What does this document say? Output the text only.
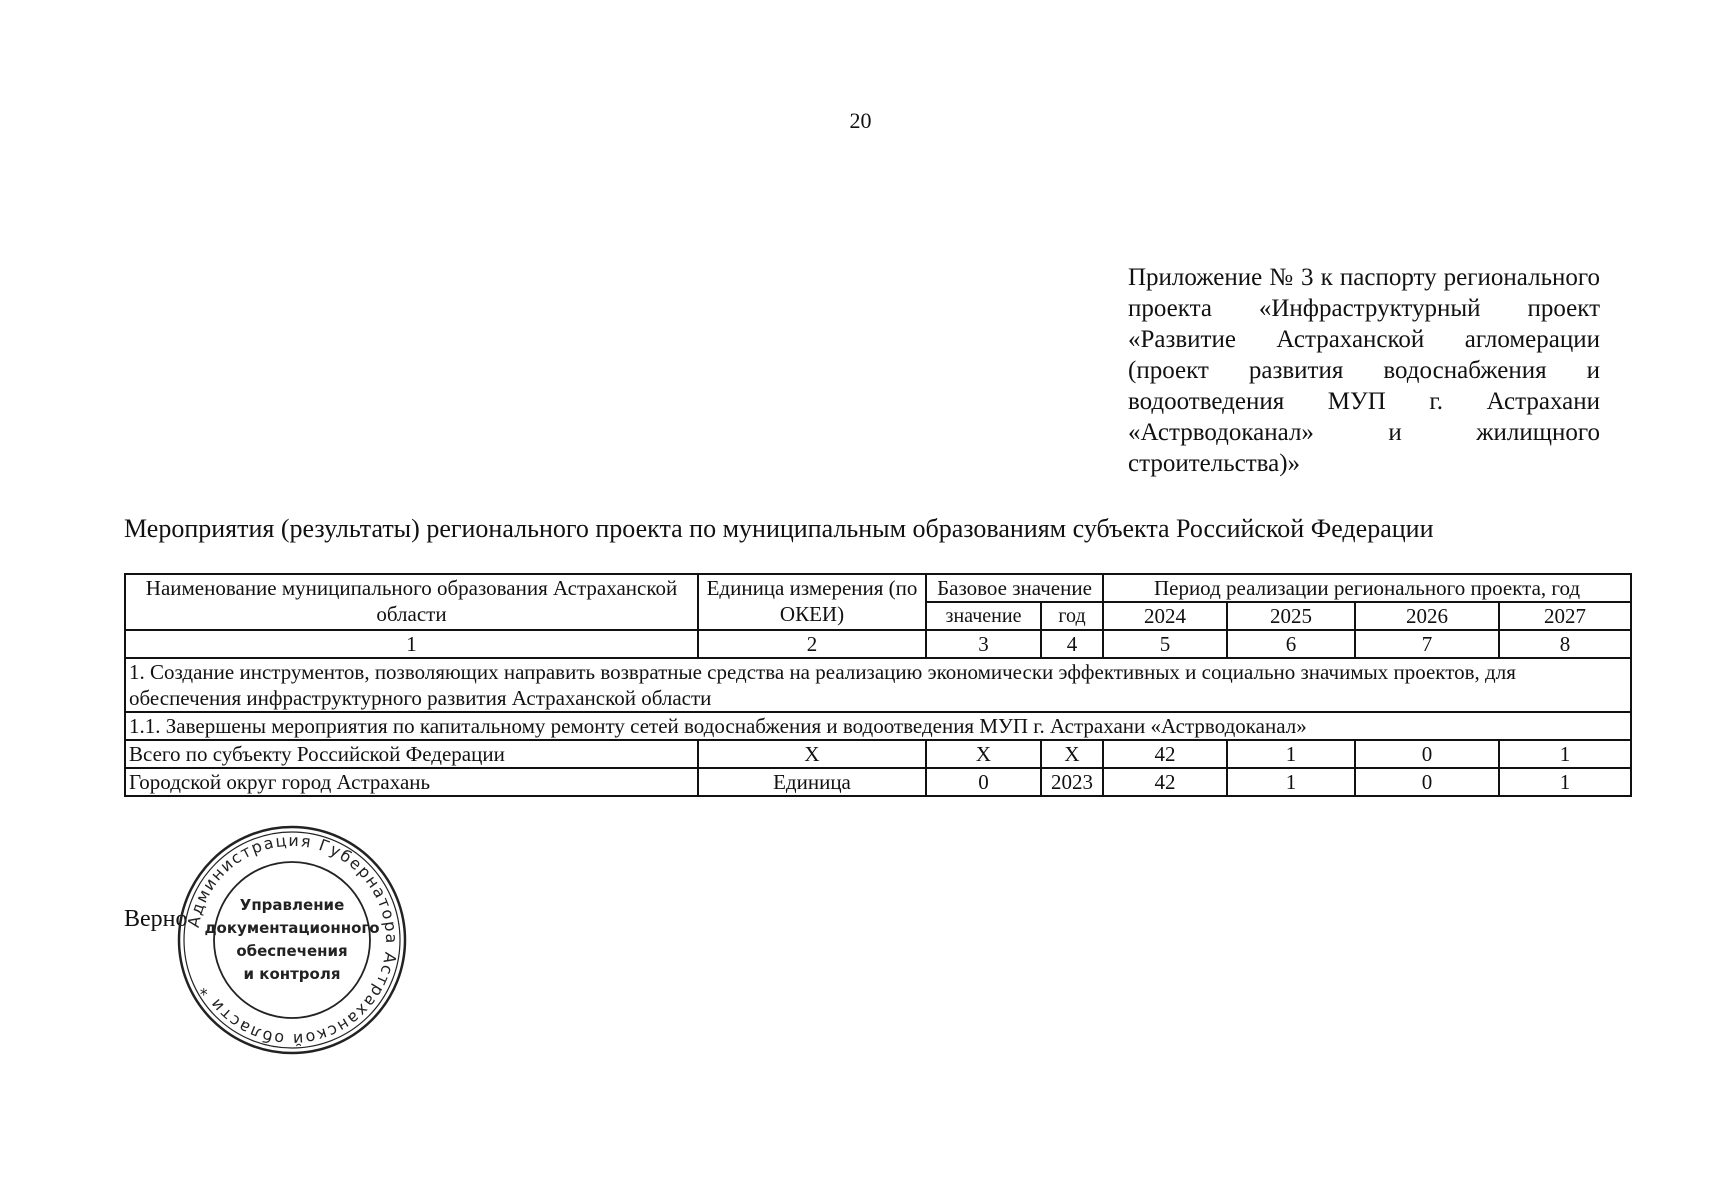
20
Приложение № 3 к паспорту регионального проекта «Инфраструктурный проект «Развитие Астраханской агломерации (проект развития водоснабжения и водоотведения МУП г. Астрахани «Астрводоканал» и жилищного строительства)»
Мероприятия (результаты) регионального проекта по муниципальным образованиям субъекта Российской Федерации
Наименование муниципального образования Астраханской области	Единица измерения (по ОКЕИ)	Базовое значение		Период реализации регионального проекта, год			
		значение	год	2024	2025	2026	2027
1	2	3	4	5	6	7	8
1. Создание инструментов, позволяющих направить возвратные средства на реализацию экономически эффективных и социально значимых проектов, для обеспечения инфраструктурного развития Астраханской области							
1.1. Завершены мероприятия по капитальному ремонту сетей водоснабжения и водоотведения МУП г. Астрахани «Астрводоканал»							
Всего по субъекту Российской Федерации	X	X	X	42	1	0	1
Городской округ город Астрахань	Единица	0	2023	42	1	0	1
Верно
Администрация Губернатора Астраханской области *
Управление
документационного
обеспечения
и контроля
